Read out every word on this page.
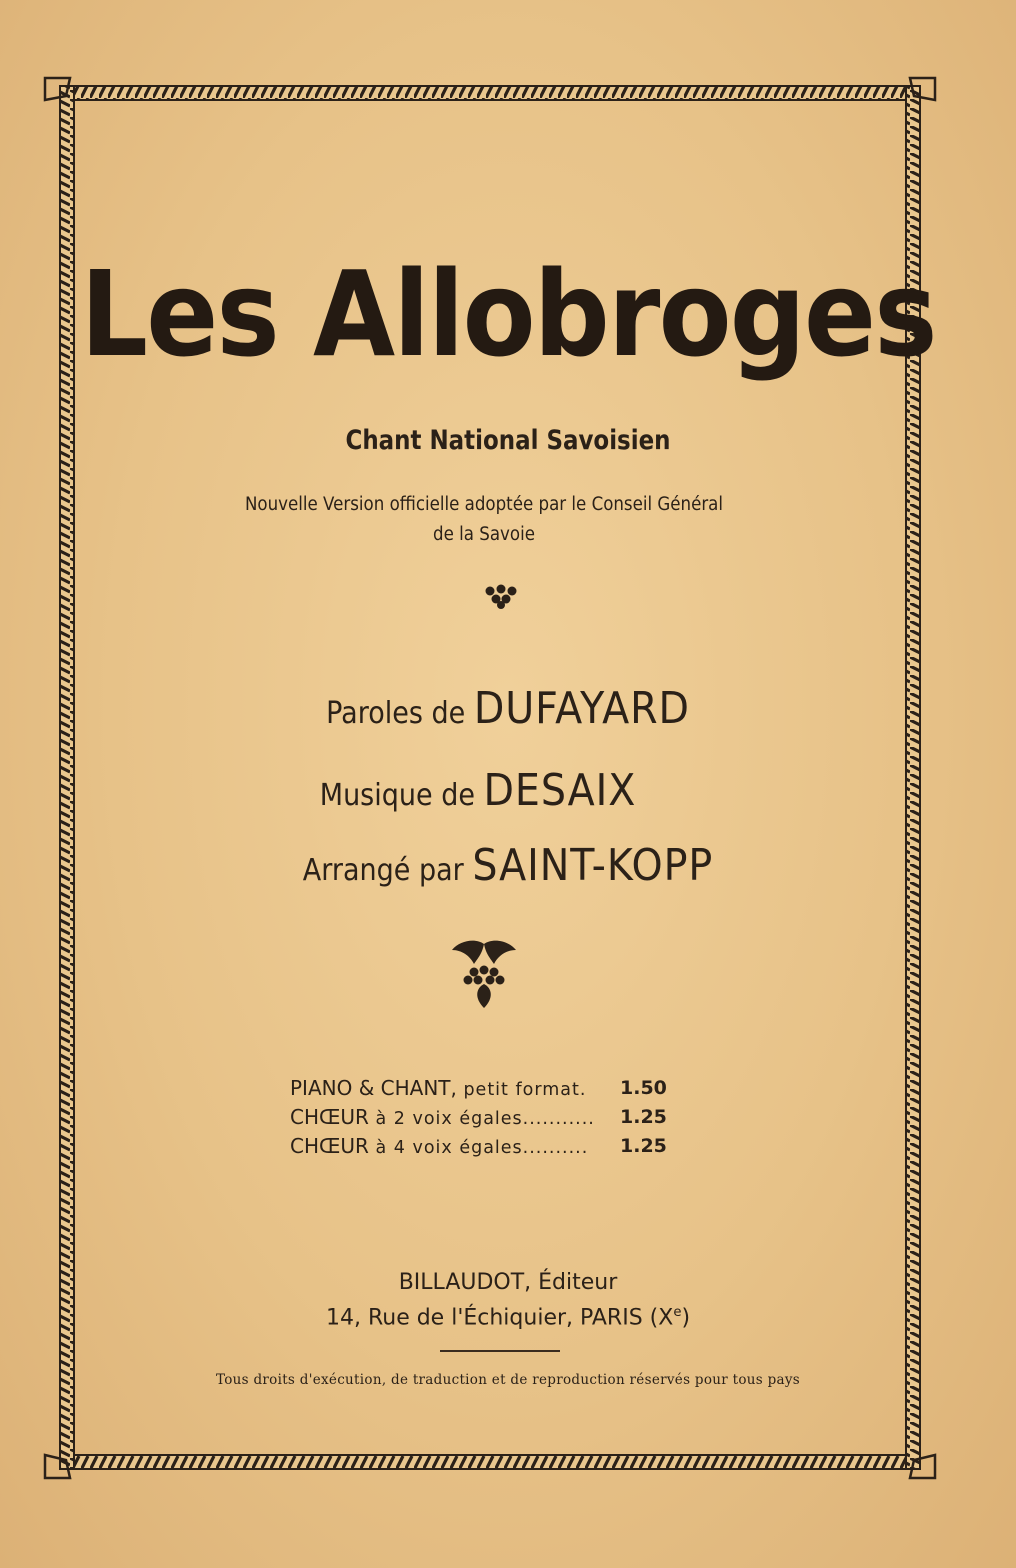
Les Allobroges
Chant National Savoisien
Nouvelle Version officielle adoptée par le Conseil Général
de la Savoie
Paroles de DUFAYARD
Musique de DESAIX
Arrangé par SAINT-KOPP
PIANO & CHANT, petit format.	1.50
CHŒUR à 2 voix égales...........	1.25
CHŒUR à 4 voix égales..........	1.25
BILLAUDOT, Éditeur
14, Rue de l'Échiquier, PARIS (Xe)
Tous droits d'exécution, de traduction et de reproduction réservés pour tous pays
